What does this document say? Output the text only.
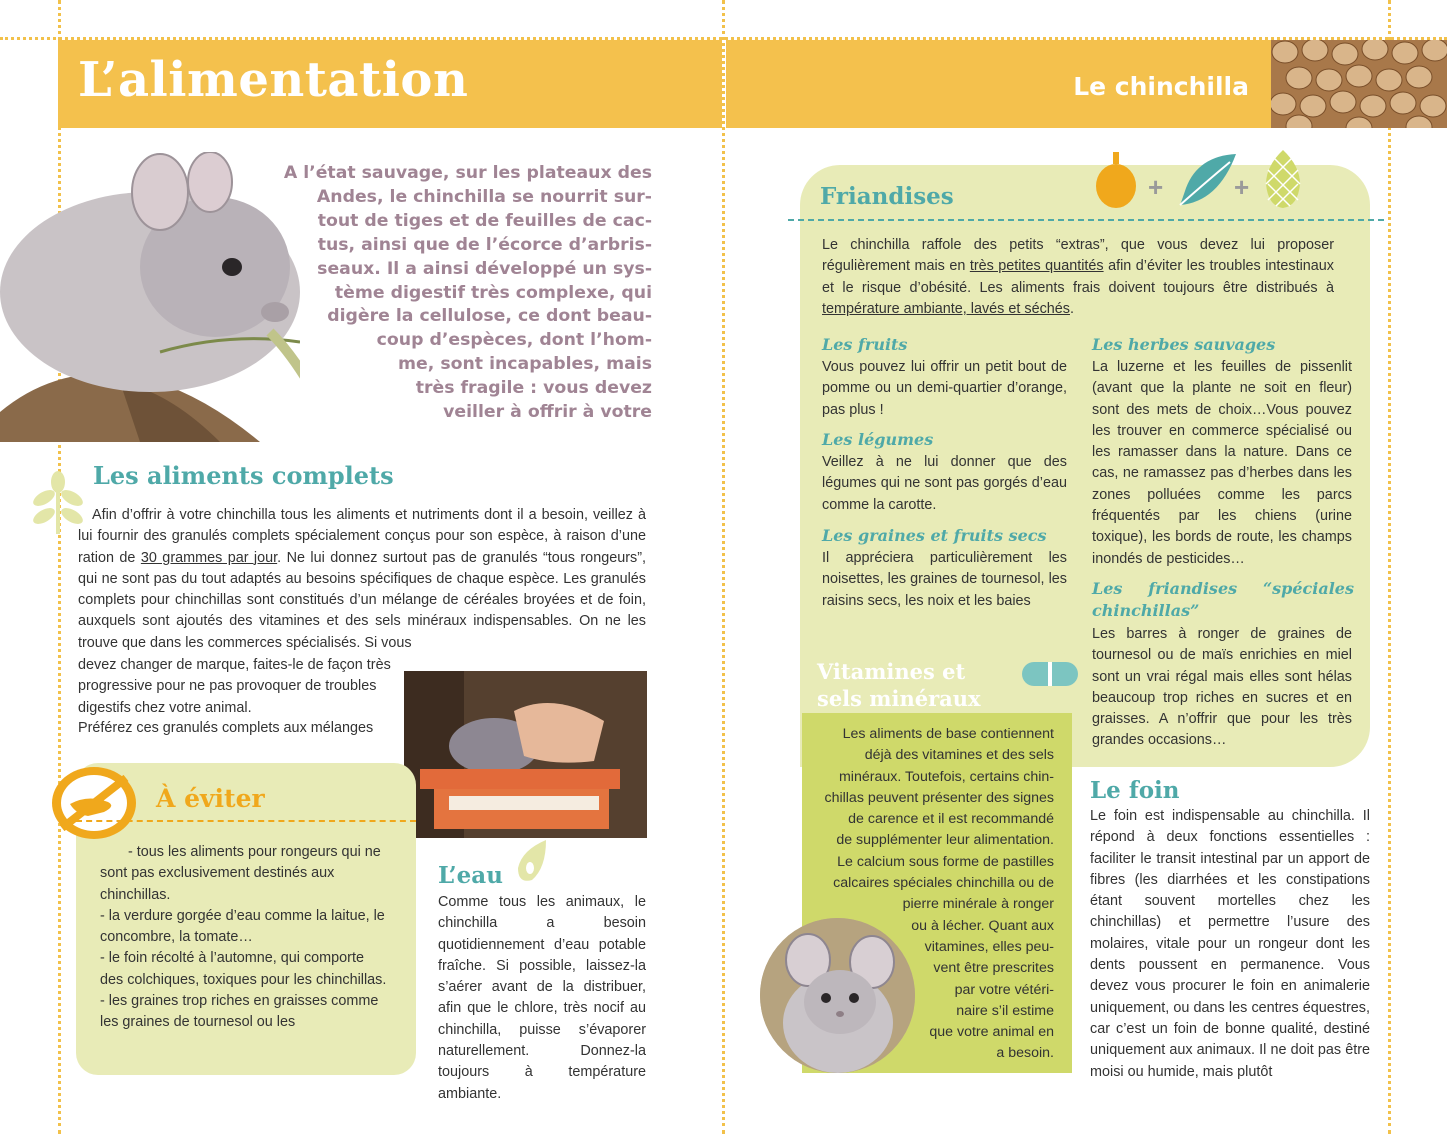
L’alimentation	Le chinchilla
A l’état sauvage, sur les plateaux des
Andes, le chinchilla se nourrit sur-
tout de tiges et de feuilles de cac-
tus, ainsi que de l’écorce d’arbris-
seaux. Il a ainsi développé un sys-
tème digestif très complexe, qui
digère la cellulose, ce dont beau-
coup d’espèces, dont l’hom-
me, sont incapables, mais
très fragile : vous devez
veiller à offrir à votre
Les aliments complets
Afin d’offrir à votre chinchilla tous les aliments et nutriments dont il a besoin, veillez à lui fournir des granulés complets spécialement conçus pour son espèce, à raison d’une ration de 30 grammes par jour. Ne lui donnez surtout pas de granulés “tous rongeurs”, qui ne sont pas du tout adaptés au besoins spécifiques de chaque espèce. Les granulés complets pour chinchillas sont constitués d’un mélange de céréales broyées et de foin, auxquels sont ajoutés des vitamines et des sels minéraux indispensables. On ne les trouve que dans les commerces spécialisés. Si vous
devez changer de marque, faites-le de façon très progressive pour ne pas provoquer de troubles digestifs chez votre animal.
Préférez ces granulés complets aux mélanges
À éviter
- tous les aliments pour rongeurs qui ne sont pas exclusivement destinés aux chinchillas.
- la verdure gorgée d’eau comme la laitue, le concombre, la tomate…
- le foin récolté à l’automne, qui comporte des colchiques, toxiques pour les chinchillas.
- les graines trop riches en graisses comme les graines de tournesol ou les
L’eau
Comme tous les animaux, le chinchilla a besoin quotidiennement d’eau potable fraîche. Si possible, laissez-la s’aérer avant de la distribuer, afin que le chlore, très nocif au chinchilla, puisse s’évaporer naturellement. Donnez-la toujours à température ambiante.
Friandises	+	+
Le chinchilla raffole des petits “extras”, que vous devez lui proposer régulièrement mais en très petites quantités afin d’éviter les troubles intestinaux et le risque d’obésité. Les aliments frais doivent toujours être distribués à température ambiante, lavés et séchés.
Les fruits
Vous pouvez lui offrir un petit bout de pomme ou un demi-quartier d’orange, pas plus !
Les légumes
Veillez à ne lui donner que des légumes qui ne sont pas gorgés d’eau comme la carotte.
Les graines et fruits secs
Il appréciera particulièrement les noisettes, les graines de tournesol, les raisins secs, les noix et les baies
Les herbes sauvages
La luzerne et les feuilles de pissenlit (avant que la plante ne soit en fleur) sont des mets de choix…Vous pouvez les trouver en commerce spécialisé ou les ramasser dans la nature. Dans ce cas, ne ramassez pas d’herbes dans les zones polluées comme les parcs fréquentés par les chiens (urine toxique), les bords de route, les champs inondés de pesticides…
Les friandises “spéciales chinchillas”
Les barres à ronger de graines de tournesol ou de maïs enrichies en miel sont un vrai régal mais elles sont hélas beaucoup trop riches en sucres et en graisses. A n’offrir que pour les très grandes occasions…
Vitamines et
sels minéraux
Les aliments de base contiennent
déjà des vitamines et des sels
minéraux. Toutefois, certains chin-
chillas peuvent présenter des signes
de carence et il est recommandé
de supplémenter leur alimentation.
Le calcium sous forme de pastilles
calcaires spéciales chinchilla ou de
pierre minérale à ronger
ou à lécher. Quant aux
vitamines, elles peu-
vent être prescrites
par votre vétéri-
naire s’il estime
que votre animal en
a besoin.
Le foin
Le foin est indispensable au chinchilla. Il répond à deux fonctions essentielles : faciliter le transit intestinal par un apport de fibres (les diarrhées et les constipations étant souvent mortelles chez les chinchillas) et permettre l’usure des molaires, vitale pour un rongeur dont les dents poussent en permanence. Vous devez vous procurer le foin en animalerie uniquement, ou dans les centres équestres, car c’est un foin de bonne qualité, destiné uniquement aux animaux. Il ne doit pas être moisi ou humide, mais plutôt
